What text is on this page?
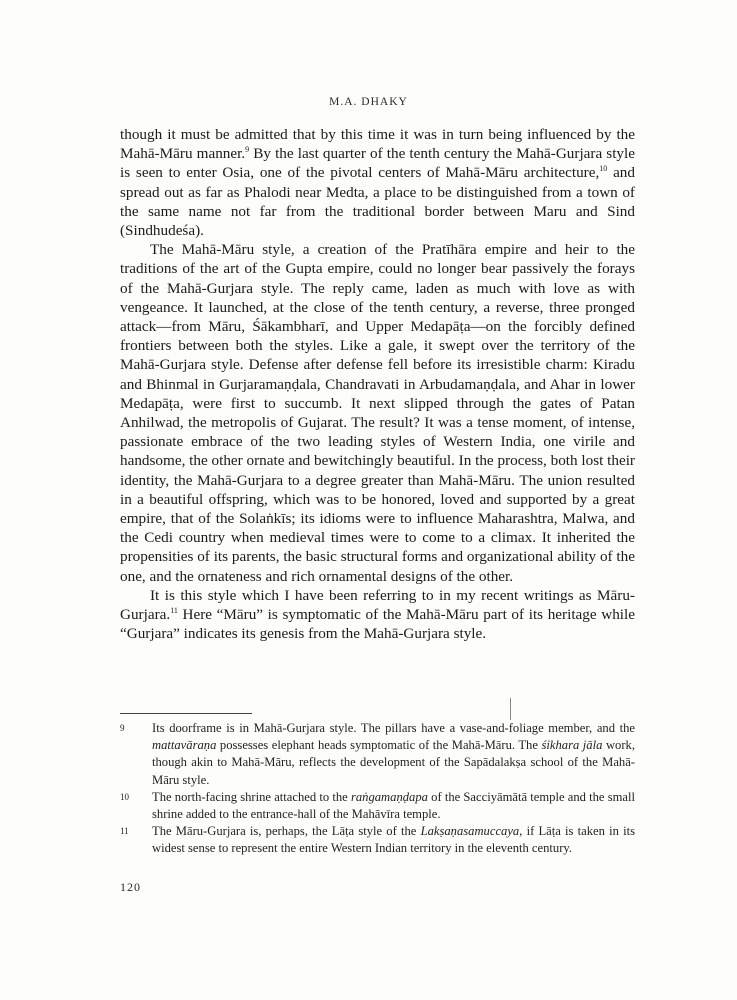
M.A. DHAKY

though it must be admitted that by this time it was in turn being influenced by the Mahā-Māru manner.$^9$ By the last quarter of the tenth century the Mahā-Gurjara style is seen to enter Osia, one of the pivotal centers of Mahā-Māru architecture,$^{10}$ and spread out as far as Phalodi near Medta, a place to be distinguished from a town of the same name not far from the traditional border between Maru and Sind (Sindhudeśa).

The Mahā-Māru style, a creation of the Pratīhāra empire and heir to the traditions of the art of the Gupta empire, could no longer bear passively the forays of the Mahā-Gurjara style. The reply came, laden as much with love as with vengeance. It launched, at the close of the tenth century, a reverse, three pronged attack—from Māru, Śākambharī, and Upper Medapāṭa—on the forcibly defined frontiers between both the styles. Like a gale, it swept over the territory of the Mahā-Gurjara style. Defense after defense fell before its irresistible charm: Kiradu and Bhinmal in Gurjaramaṇḍala, Chandravati in Arbudamaṇḍala, and Ahar in lower Medapāṭa, were first to succumb. It next slipped through the gates of Patan Anhilwad, the metropolis of Gujarat. The result? It was a tense moment, of intense, passionate embrace of the two leading styles of Western India, one virile and handsome, the other ornate and bewitchingly beautiful. In the process, both lost their identity, the Mahā-Gurjara to a degree greater than Mahā-Māru. The union resulted in a beautiful offspring, which was to be honored, loved and supported by a great empire, that of the Solaṅkīs; its idioms were to influence Maharashtra, Malwa, and the Cedi country when medieval times were to come to a climax. It inherited the propensities of its parents, the basic structural forms and organizational ability of the one, and the ornateness and rich ornamental designs of the other.

It is this style which I have been referring to in my recent writings as Māru-Gurjara.$^{11}$ Here “Māru” is symptomatic of the Mahā-Māru part of its heritage while “Gurjara” indicates its genesis from the Mahā-Gurjara style.

9	Its doorframe is in Mahā-Gurjara style. The pillars have a vase-and-foliage member, and the mattavāraṇa possesses elephant heads symptomatic of the Mahā-Māru. The śikhara jāla work, though akin to Mahā-Māru, reflects the development of the Sapādalakṣa school of the Mahā-Māru style.

10	The north-facing shrine attached to the raṅgamaṇḍapa of the Sacciyāmātā temple and the small shrine added to the entrance-hall of the Mahāvīra temple.

11	The Māru-Gurjara is, perhaps, the Lāṭa style of the Lakṣaṇasamuccaya, if Lāṭa is taken in its widest sense to represent the entire Western Indian territory in the eleventh century.

120
